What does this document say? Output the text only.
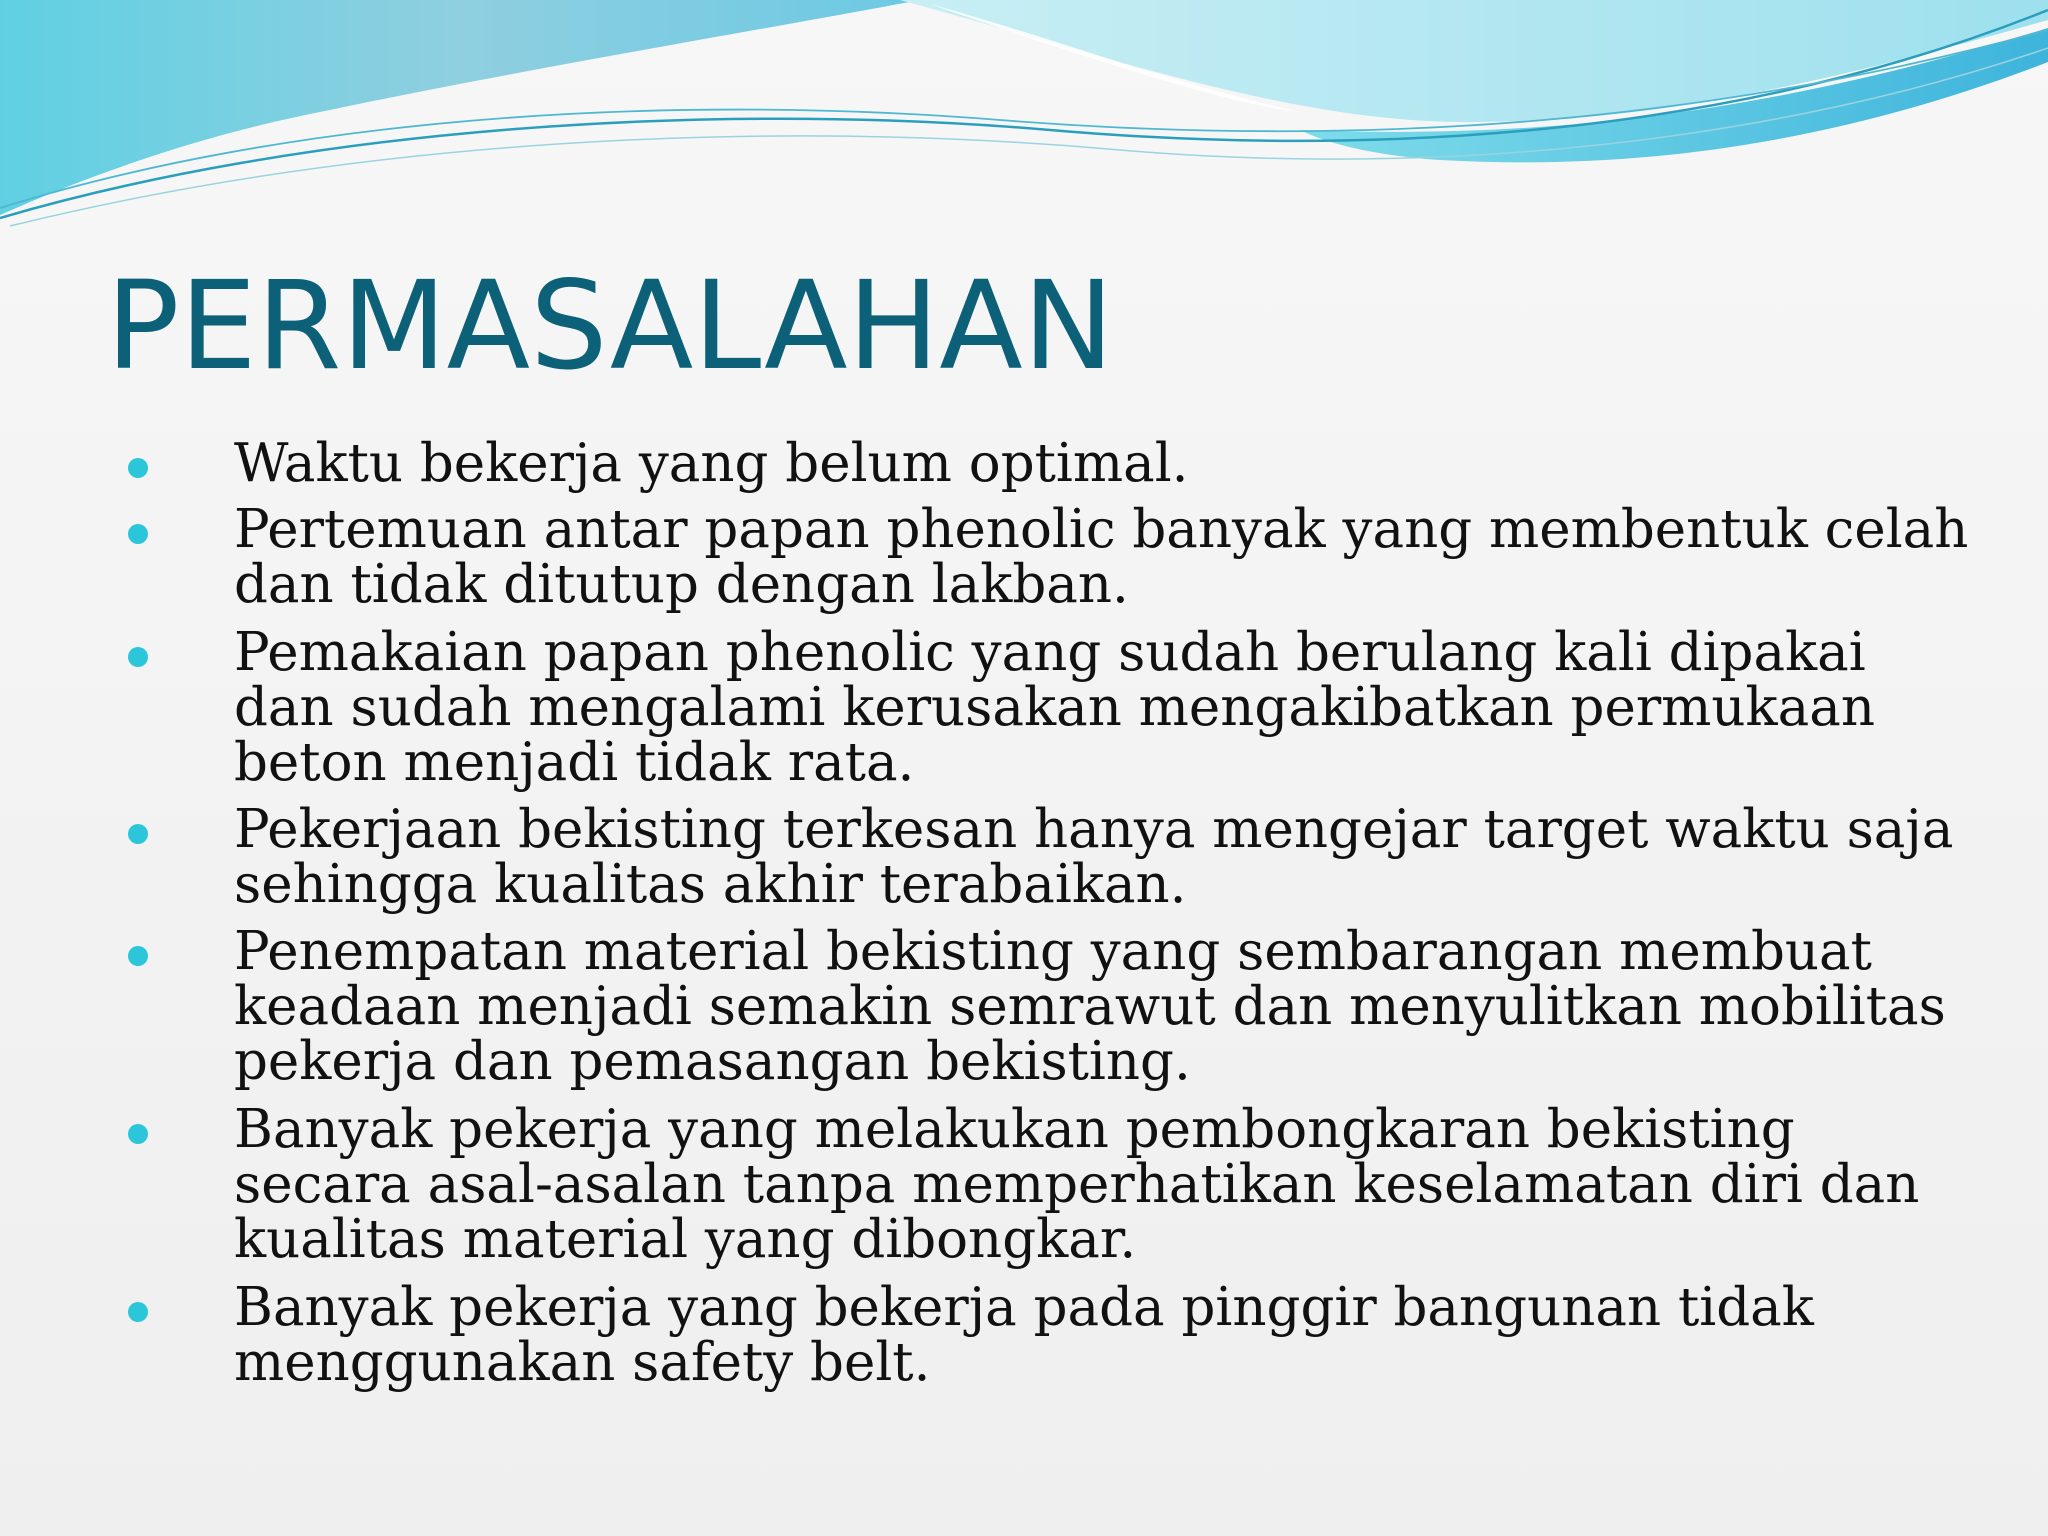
PERMASALAHAN

Waktu bekerja yang belum optimal.

Pertemuan antar papan phenolic banyak yang membentuk celah dan tidak ditutup dengan lakban.

Pemakaian papan phenolic yang sudah berulang kali dipakai dan sudah mengalami kerusakan mengakibatkan permukaan beton menjadi tidak rata.

Pekerjaan bekisting terkesan hanya mengejar target waktu saja sehingga kualitas akhir terabaikan.

Penempatan material bekisting yang sembarangan membuat keadaan menjadi semakin semrawut dan menyulitkan mobilitas pekerja dan pemasangan bekisting.

Banyak pekerja yang melakukan pembongkaran bekisting secara asal-asalan tanpa memperhatikan keselamatan diri dan kualitas material yang dibongkar.

Banyak pekerja yang bekerja pada pinggir bangunan tidak menggunakan safety belt.
